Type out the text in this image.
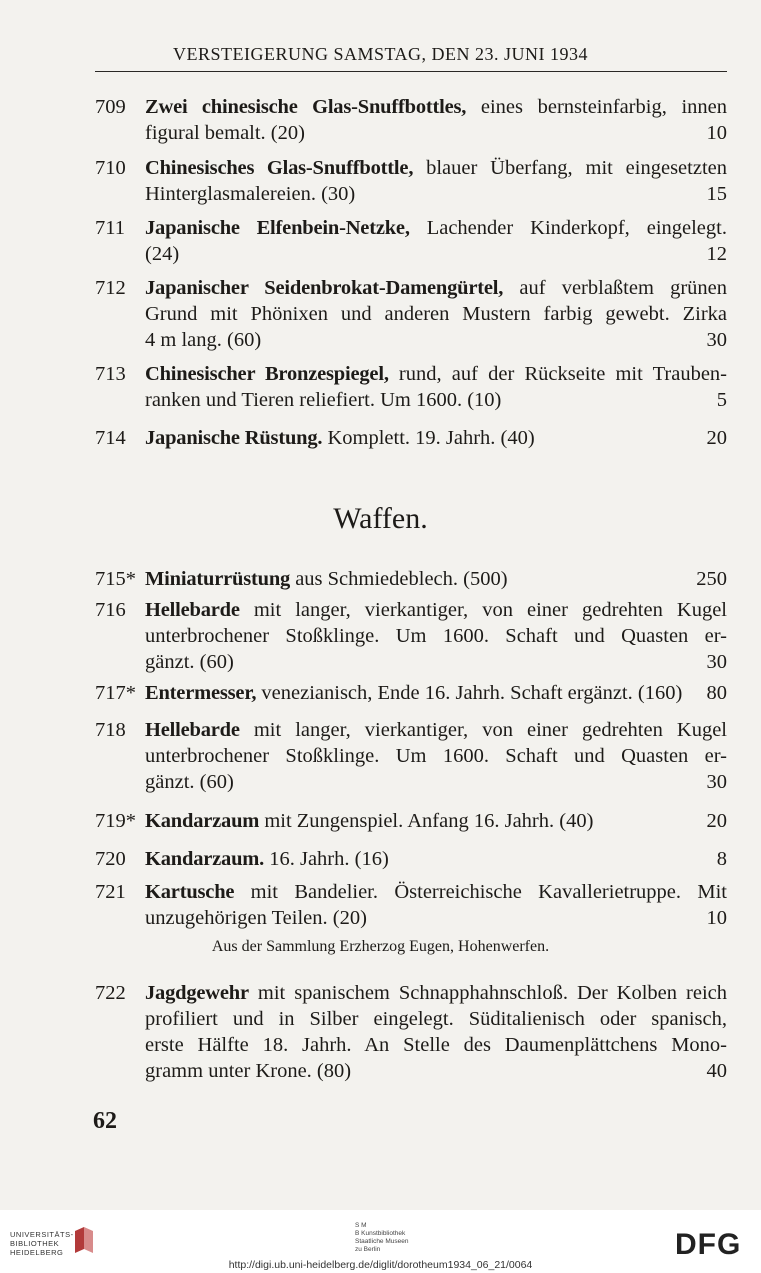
VERSTEIGERUNG SAMSTAG, DEN 23. JUNI 1934
709 Zwei chinesische Glas-Snuffbottles, eines bernsteinfarbig, innen
figural bemalt. (20)	10
710 Chinesisches Glas-Snuffbottle, blauer Überfang, mit eingesetzten
Hinterglasmalereien. (30)	15
711 Japanische Elfenbein-Netzke, Lachender Kinderkopf, eingelegt.
(24)	12
712 Japanischer Seidenbrokat-Damengürtel, auf verblaßtem grünen
Grund mit Phönixen und anderen Mustern farbig gewebt. Zirka
4 m lang. (60)	30
713 Chinesischer Bronzespiegel, rund, auf der Rückseite mit Trauben-
ranken und Tieren reliefiert. Um 1600. (10)	5
714 Japanische Rüstung. Komplett. 19. Jahrh. (40)	20
Waffen.
715* Miniaturrüstung aus Schmiedeblech. (500)	250
716 Hellebarde mit langer, vierkantiger, von einer gedrehten Kugel
unterbrochener Stoßklinge. Um 1600. Schaft und Quasten er-
gänzt. (60)	30
717* Entermesser, venezianisch, Ende 16. Jahrh. Schaft ergänzt. (160) 80
718 Hellebarde mit langer, vierkantiger, von einer gedrehten Kugel
unterbrochener Stoßklinge. Um 1600. Schaft und Quasten er-
gänzt. (60)	30
719* Kandarzaum mit Zungenspiel. Anfang 16. Jahrh. (40)	20
720 Kandarzaum. 16. Jahrh. (16)	8
721 Kartusche mit Bandelier. Österreichische Kavallerietruppe. Mit
unzugehörigen Teilen. (20)	10
Aus der Sammlung Erzherzog Eugen, Hohenwerfen.
722 Jagdgewehr mit spanischem Schnapphahnschloß. Der Kolben reich
profiliert und in Silber eingelegt. Süditalienisch oder spanisch,
erste Hälfte 18. Jahrh. An Stelle des Daumenplättchens Mono-
gramm unter Krone. (80)	40
62
UNIVERSITÄTS-
BIBLIOTHEK
HEIDELBERG
S M
B Kunstbibliothek
Staatliche Museen
zu Berlin	DFG
http://digi.ub.uni-heidelberg.de/diglit/dorotheum1934_06_21/0064
